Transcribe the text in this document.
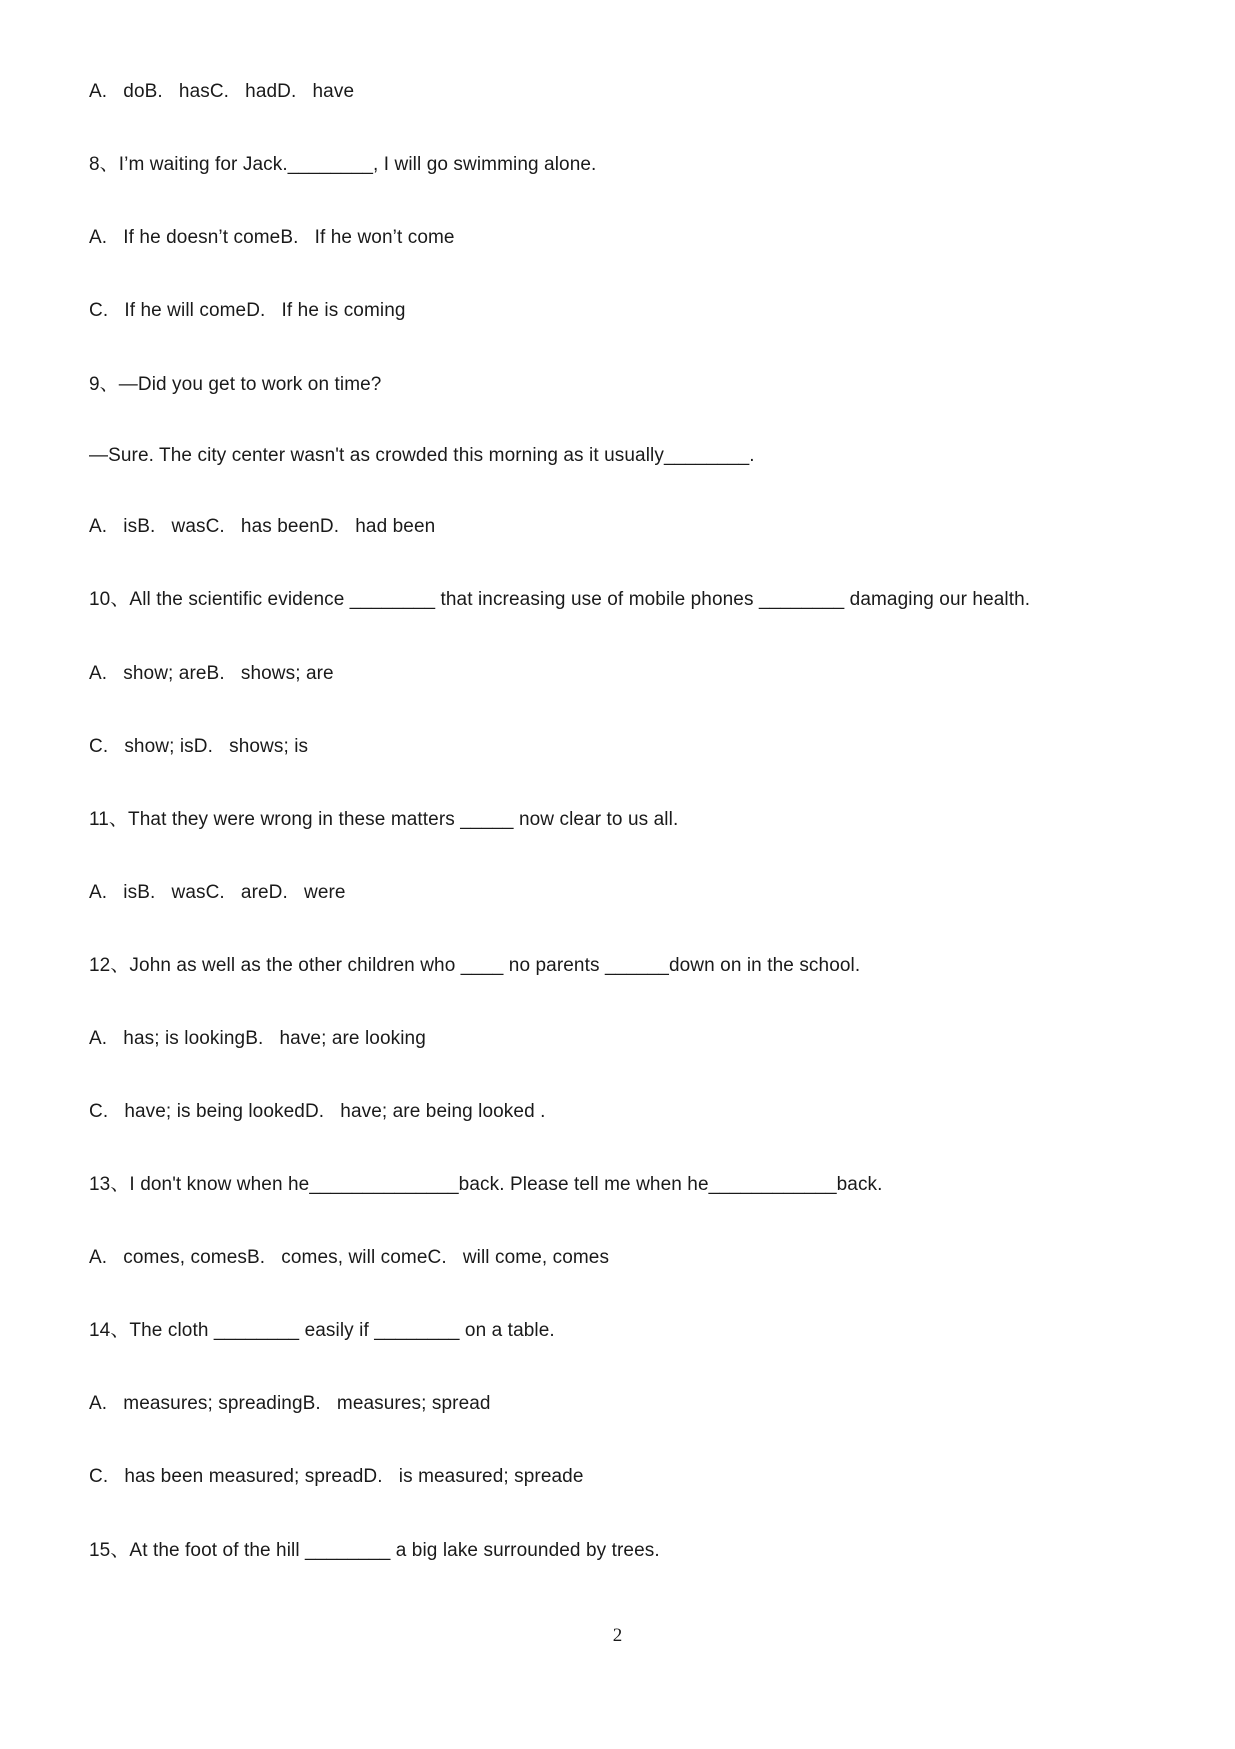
A.   doB.   hasC.   hadD.   have
8、I’m waiting for Jack.________, I will go swimming alone.
A.   If he doesn’t comeB.   If he won’t come
C.   If he will comeD.   If he is coming
9、—Did you get to work on time?
—Sure. The city center wasn't as crowded this morning as it usually________.
A.   isB.   wasC.   has beenD.   had been
10、All the scientific evidence ________ that increasing use of mobile phones ________ damaging our health.
A.   show; areB.   shows; are
C.   show; isD.   shows; is
11、That they were wrong in these matters _____ now clear to us all.
A.   isB.   wasC.   areD.   were
12、John as well as the other children who ____ no parents ______down on in the school.
A.   has; is lookingB.   have; are looking
C.   have; is being lookedD.   have; are being looked .
13、I don't know when he______________back. Please tell me when he____________back.
A.   comes, comesB.   comes, will comeC.   will come, comes
14、The cloth ________ easily if ________ on a table.
A.   measures; spreadingB.   measures; spread
C.   has been measured; spreadD.   is measured; spreade
15、At the foot of the hill ________ a big lake surrounded by trees.
2
